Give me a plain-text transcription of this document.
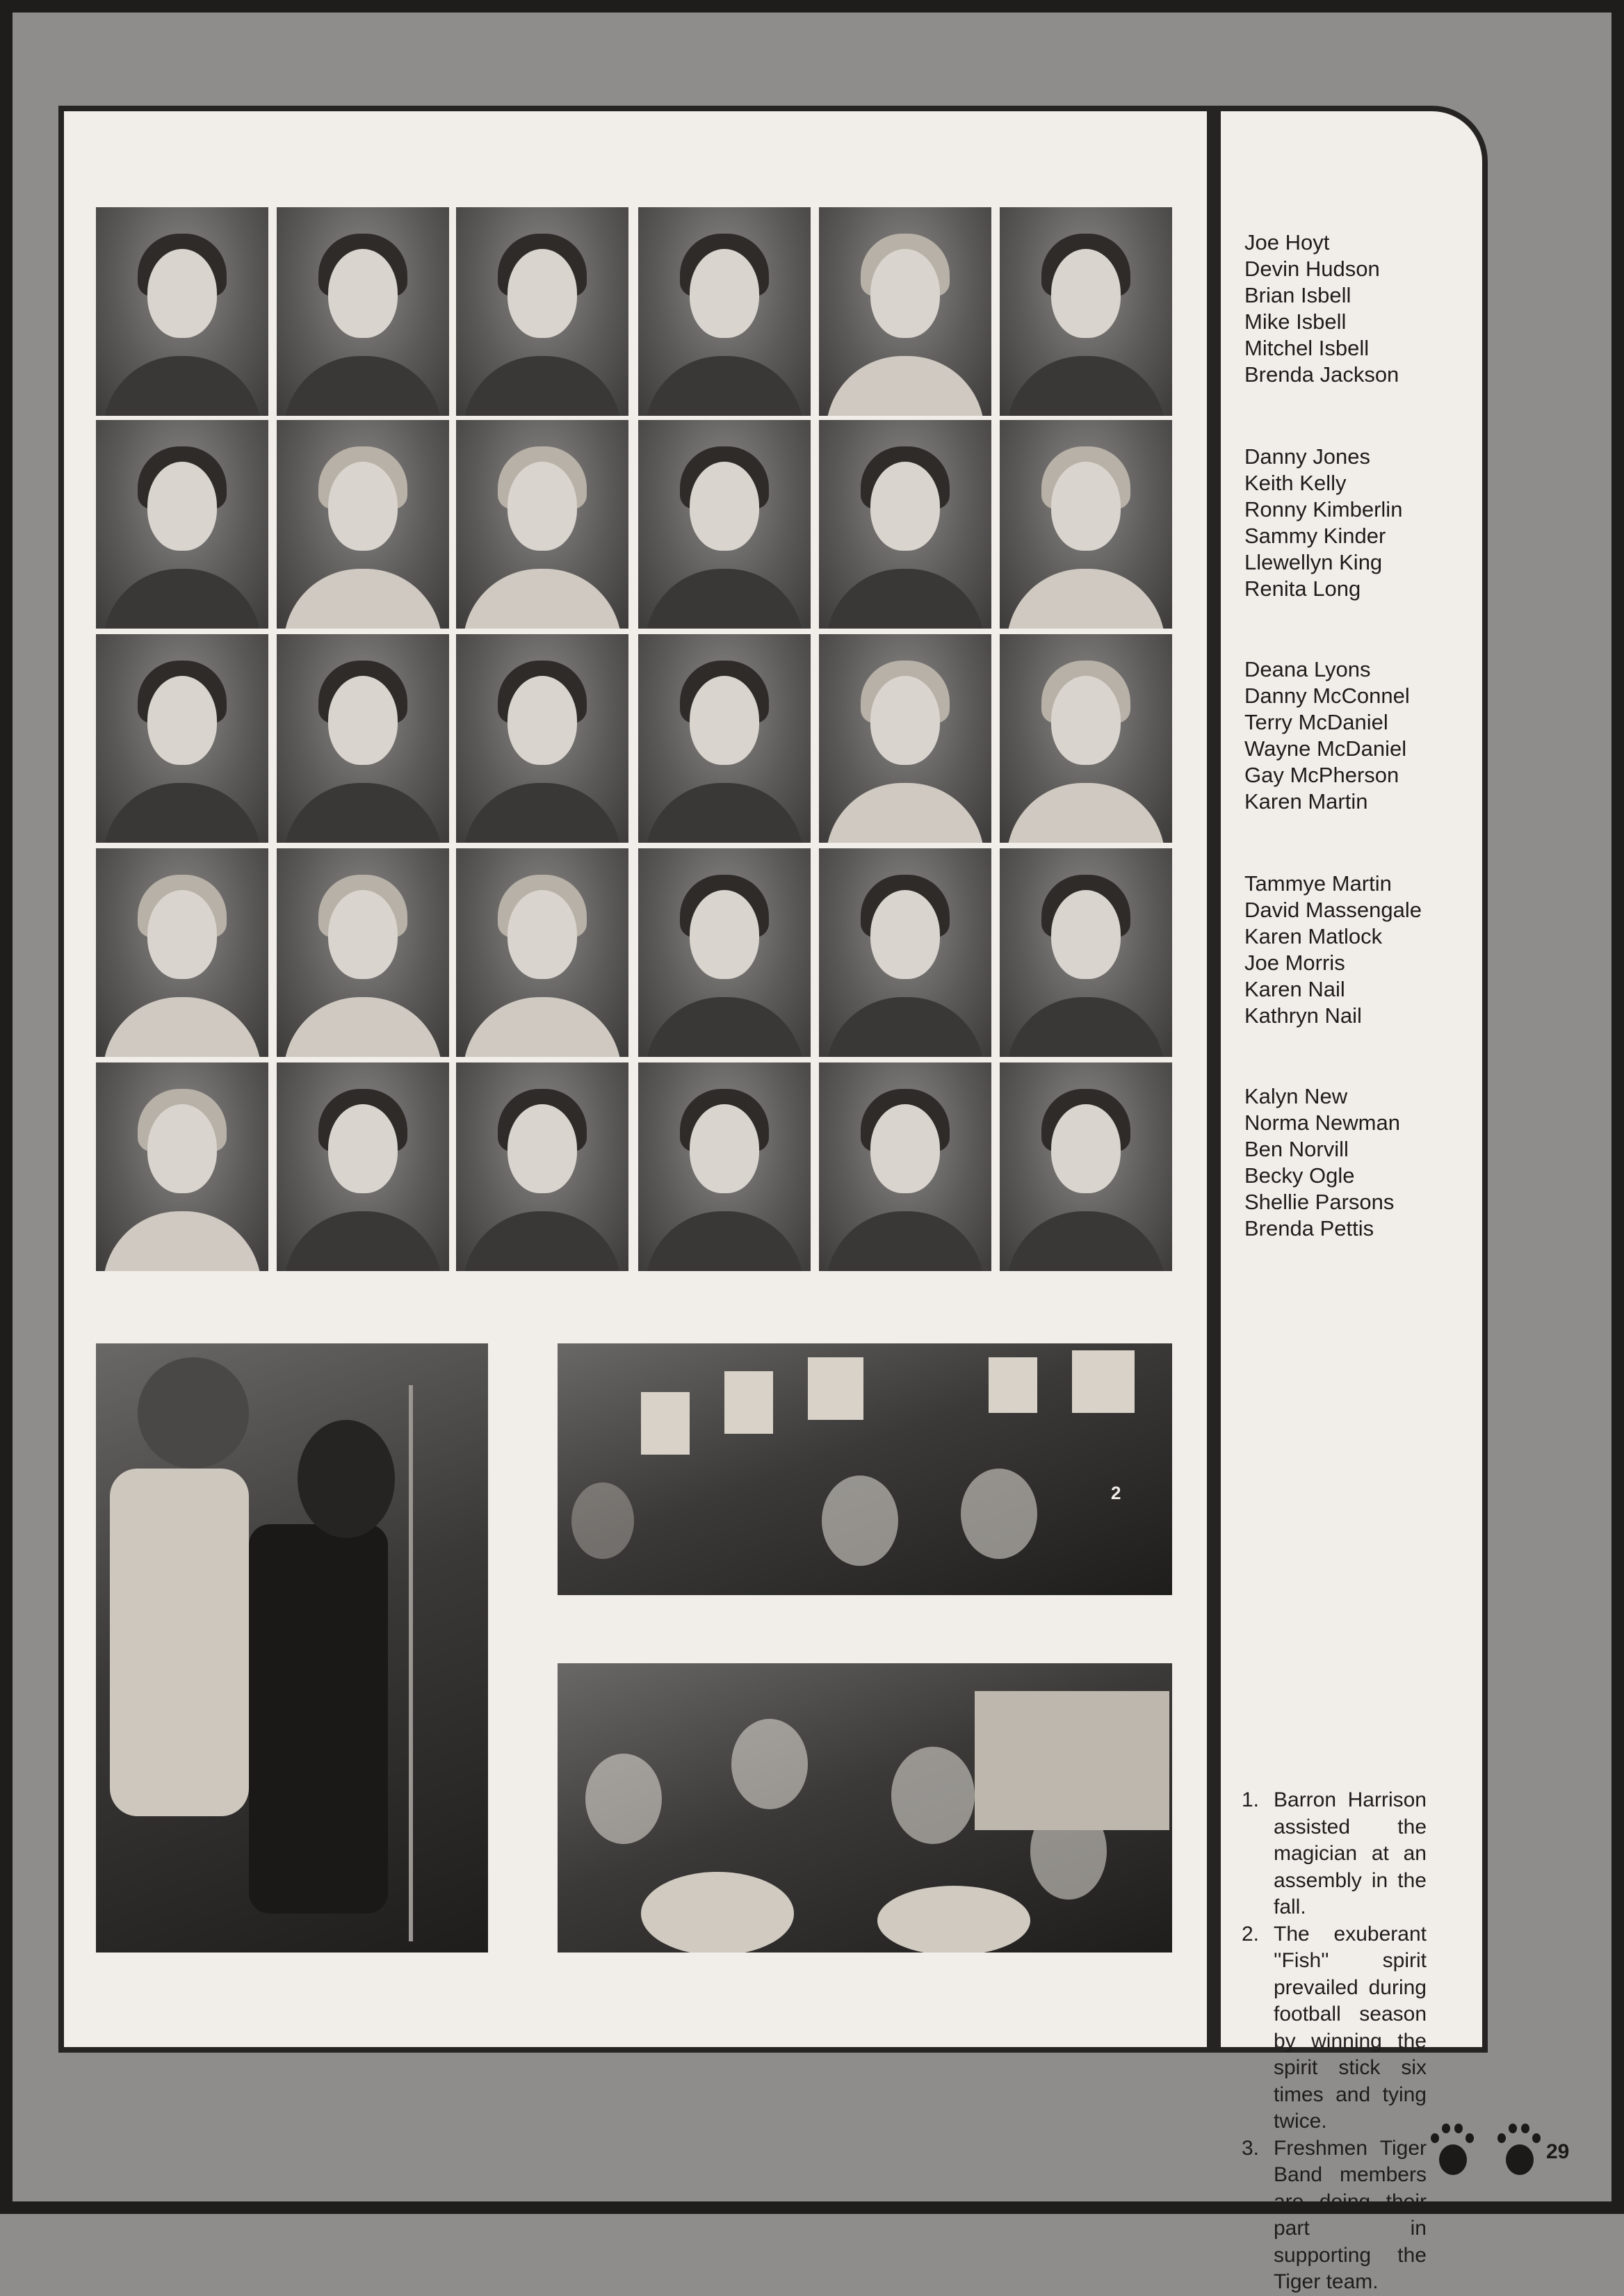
Joe Hoyt
Devin Hudson
Brian Isbell
Mike Isbell
Mitchel Isbell
Brenda Jackson
Danny Jones
Keith Kelly
Ronny Kimberlin
Sammy Kinder
Llewellyn King
Renita Long
Deana Lyons
Danny McConnel
Terry McDaniel
Wayne McDaniel
Gay McPherson
Karen Martin
Tammye Martin
David Massengale
Karen Matlock
Joe Morris
Karen Nail
Kathryn Nail
Kalyn New
Norma Newman
Ben Norvill
Becky Ogle
Shellie Parsons
Brenda Pettis
2
1. Barron Harrison assisted the magician at an assembly in the fall.
2. The exuberant ''Fish'' spirit prevailed during football season by winning the spirit stick six times and tying twice.
3. Freshmen Tiger Band members are doing their part in supporting the Tiger team.
29
